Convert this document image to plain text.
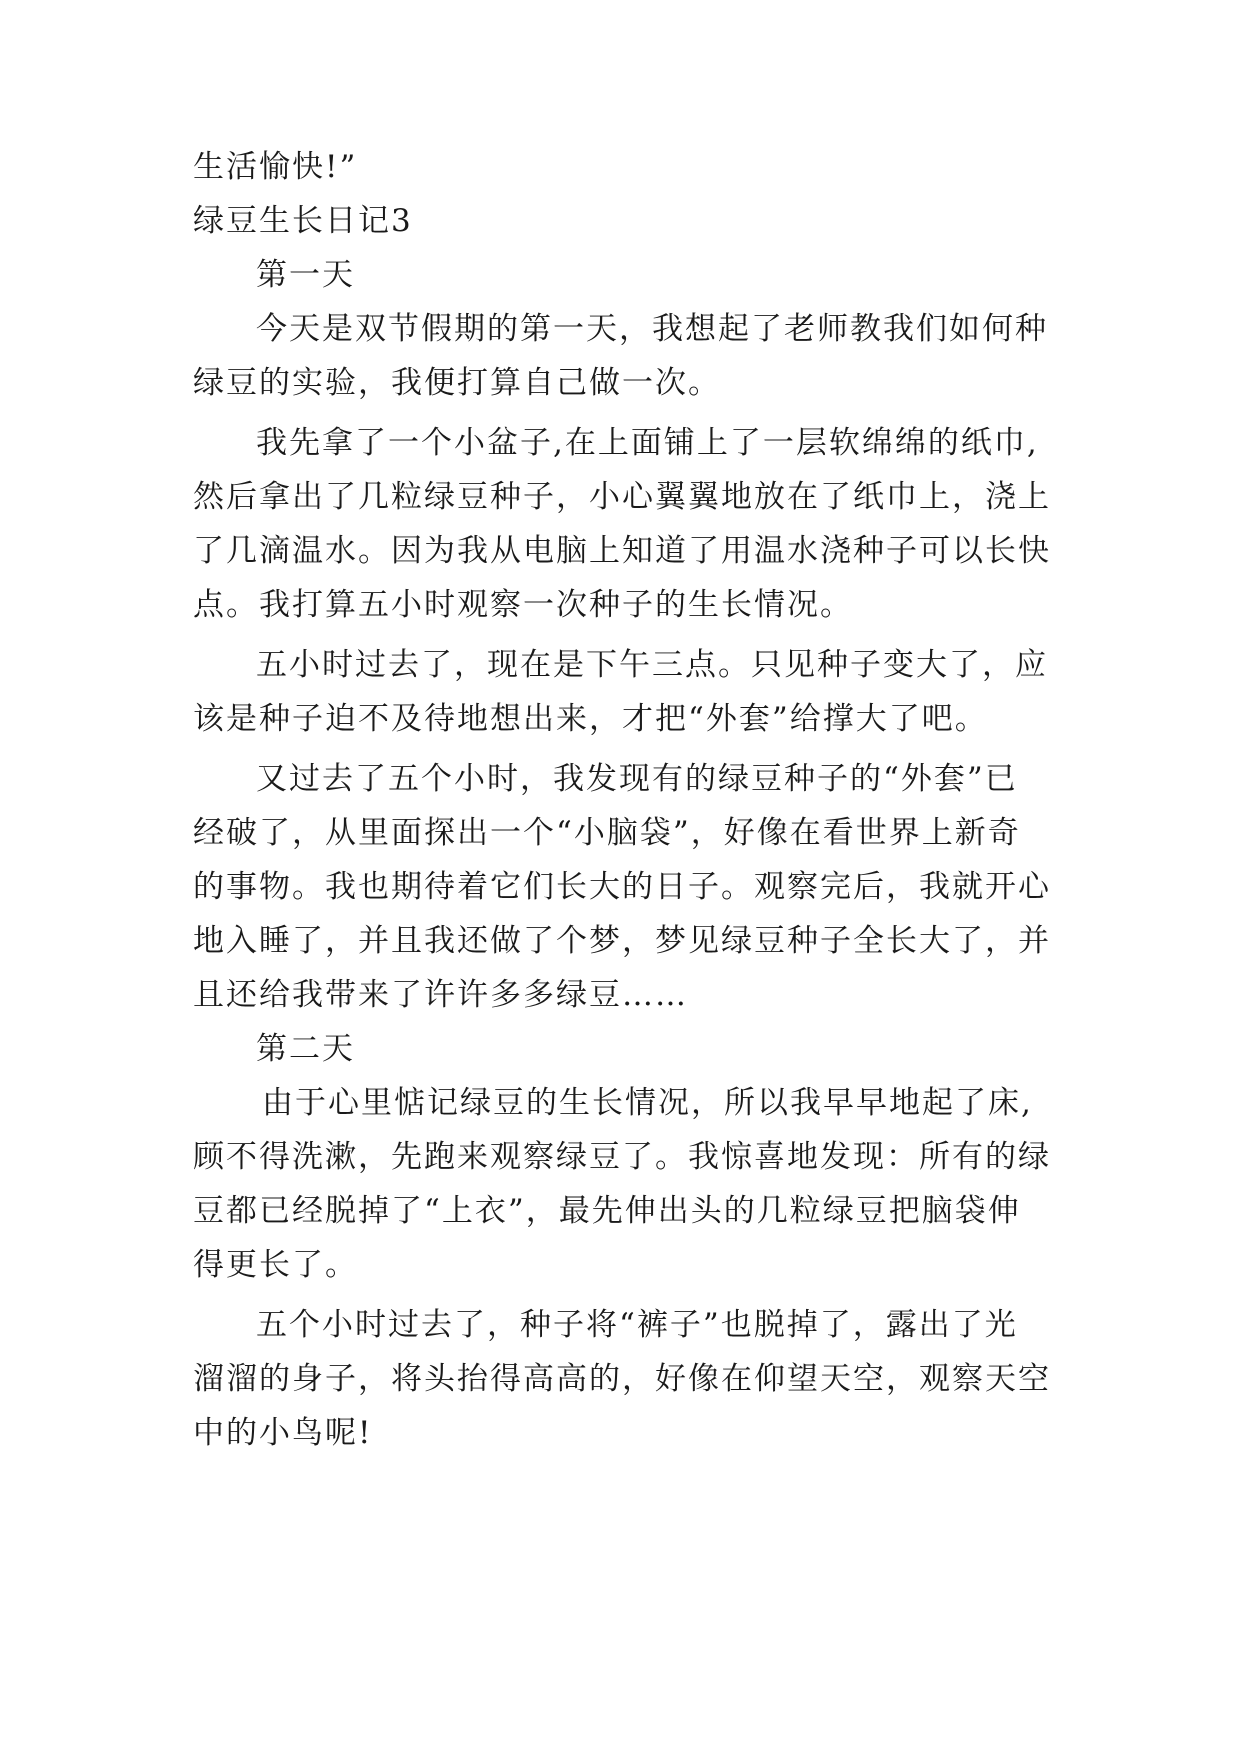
生活愉快!”
绿豆生长日记3
第一天
今天是双节假期的第一天，我想起了老师教我们如何种
绿豆的实验，我便打算自己做一次。
我先拿了一个小盆子,在上面铺上了一层软绵绵的纸巾,
然后拿出了几粒绿豆种子，小心翼翼地放在了纸巾上，浇上
了几滴温水。因为我从电脑上知道了用温水浇种子可以长快
点。我打算五小时观察一次种子的生长情况。
五小时过去了，现在是下午三点。只见种子变大了，应
该是种子迫不及待地想出来，才把“外套”给撑大了吧。
又过去了五个小时，我发现有的绿豆种子的“外套”已
经破了，从里面探出一个“小脑袋”，好像在看世界上新奇
的事物。我也期待着它们长大的日子。观察完后，我就开心
地入睡了，并且我还做了个梦，梦见绿豆种子全长大了，并
且还给我带来了许许多多绿豆……
第二天
由于心里惦记绿豆的生长情况，所以我早早地起了床,
顾不得洗漱，先跑来观察绿豆了。我惊喜地发现：所有的绿
豆都已经脱掉了“上衣”，最先伸出头的几粒绿豆把脑袋伸
得更长了。
五个小时过去了，种子将“裤子”也脱掉了，露出了光
溜溜的身子，将头抬得高高的，好像在仰望天空，观察天空
中的小鸟呢!
